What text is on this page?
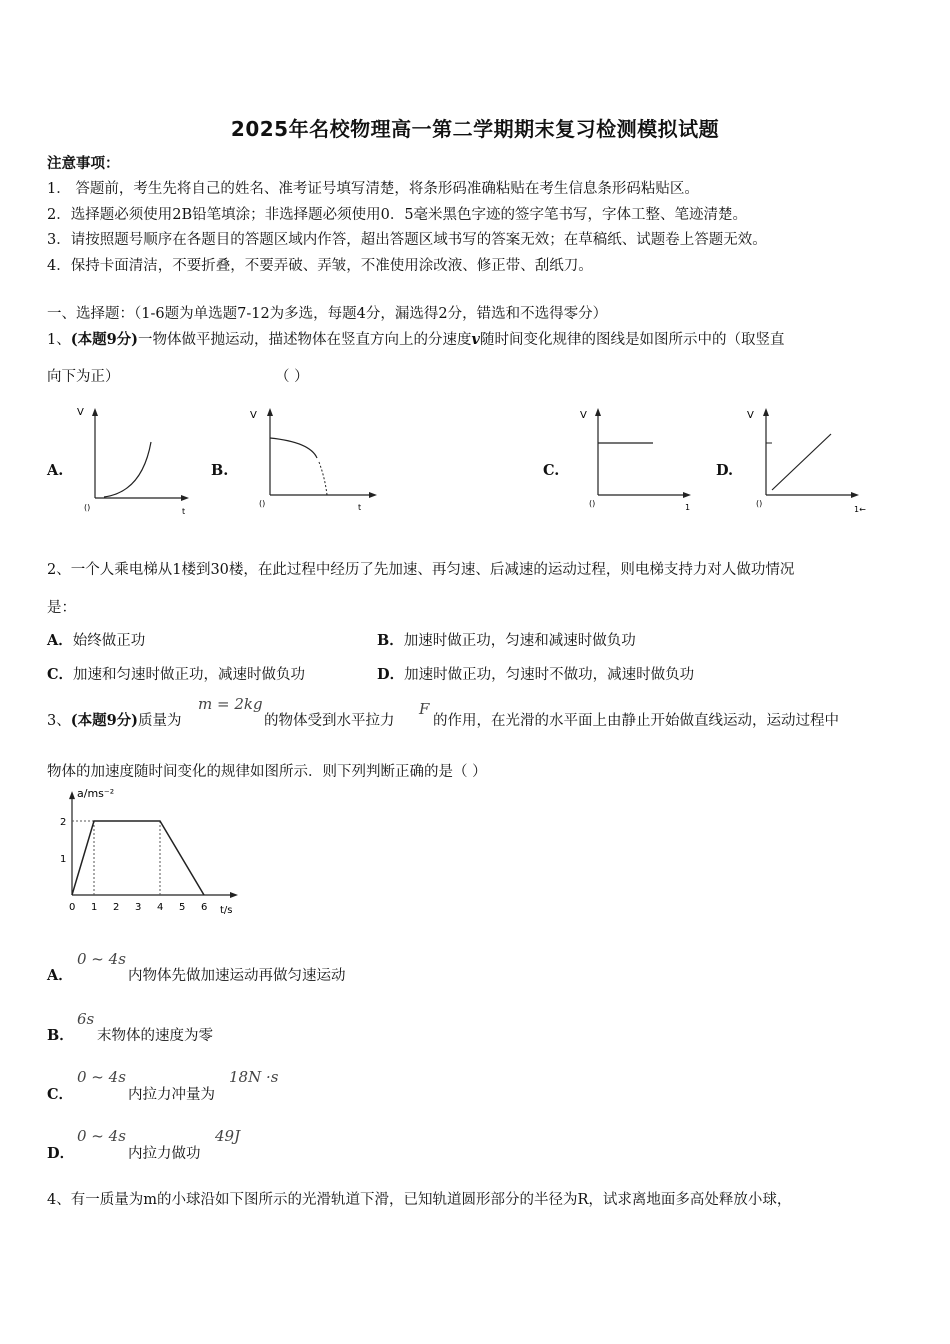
2025年名校物理高一第二学期期末复习检测模拟试题
注意事项：
1． 答题前，考生先将自己的姓名、准考证号填写清楚，将条形码准确粘贴在考生信息条形码粘贴区。
2．选择题必须使用2B铅笔填涂；非选择题必须使用0．5毫米黑色字迹的签字笔书写，字体工整、笔迹清楚。
3．请按照题号顺序在各题目的答题区域内作答，超出答题区域书写的答案无效；在草稿纸、试题卷上答题无效。
4．保持卡面清洁，不要折叠，不要弄破、弄皱，不准使用涂改液、修正带、刮纸刀。
一、选择题：（1-6题为单选题7-12为多选，每题4分，漏选得2分，错选和不选得零分）
1、(本题9分)一物体做平抛运动，描述物体在竖直方向上的分速度v随时间变化规律的图线是如图所示中的（取竖直
向下为正）	（ ）
A.	B.	C.	D.
V
()	t
V
()	t
V
()	1
V
()
1←
2、一个人乘电梯从1楼到30楼，在此过程中经历了先加速、再匀速、后减速的运动过程，则电梯支持力对人做功情况
是：
A．始终做正功	B．加速时做正功，匀速和减速时做负功
C．加速和匀速时做正功，减速时做负功	D．加速时做正功，匀速时不做功，减速时做负功
3、(本题9分)质量为
m = 2kg
的物体受到水平拉力
F
的作用，在光滑的水平面上由静止开始做直线运动，运动过程中
物体的加速度随时间变化的规律如图所示．则下列判断正确的是（ ）
0 1 2 3 4 5 6
1
2
a/ms⁻²
t/s
A．
0 ~ 4s
内物体先做加速运动再做匀速运动
B．
6s
末物体的速度为零
C．
0 ~ 4s
内拉力冲量为
18N ·s
D．
0 ~ 4s
内拉力做功
49J
4、有一质量为m的小球沿如下图所示的光滑轨道下滑，已知轨道圆形部分的半径为R，试求离地面多高处释放小球，
